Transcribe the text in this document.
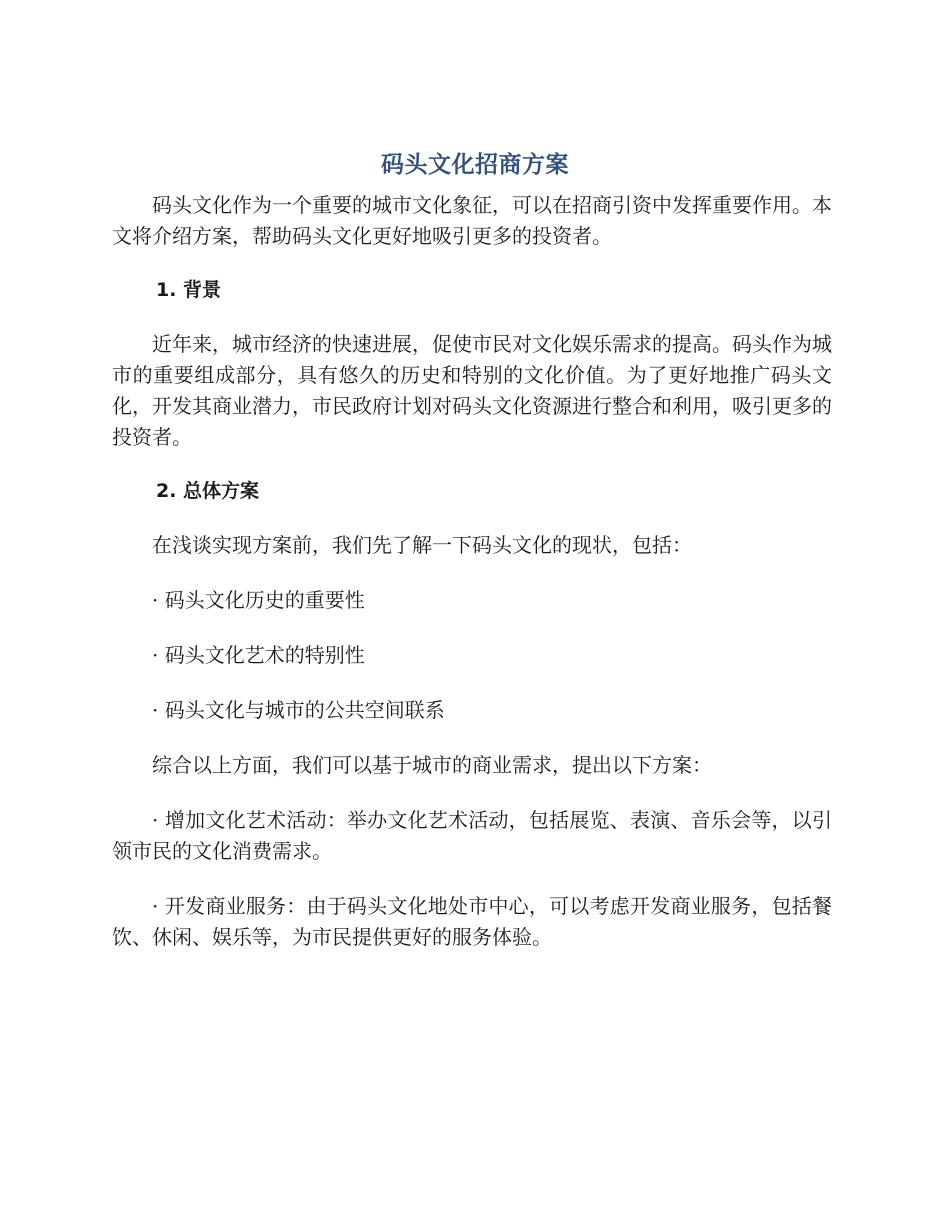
码头文化招商方案

码头文化作为一个重要的城市文化象征，可以在招商引资中发挥重要作用。本文将介绍方案，帮助码头文化更好地吸引更多的投资者。

1. 背景

近年来，城市经济的快速进展，促使市民对文化娱乐需求的提高。码头作为城市的重要组成部分，具有悠久的历史和特别的文化价值。为了更好地推广码头文化，开发其商业潜力，市民政府计划对码头文化资源进行整合和利用，吸引更多的投资者。

2. 总体方案

在浅谈实现方案前，我们先了解一下码头文化的现状，包括：

· 码头文化历史的重要性

· 码头文化艺术的特别性

· 码头文化与城市的公共空间联系

综合以上方面，我们可以基于城市的商业需求，提出以下方案：

· 增加文化艺术活动：举办文化艺术活动，包括展览、表演、音乐会等，以引领市民的文化消费需求。

· 开发商业服务：由于码头文化地处市中心，可以考虑开发商业服务，包括餐饮、休闲、娱乐等，为市民提供更好的服务体验。
